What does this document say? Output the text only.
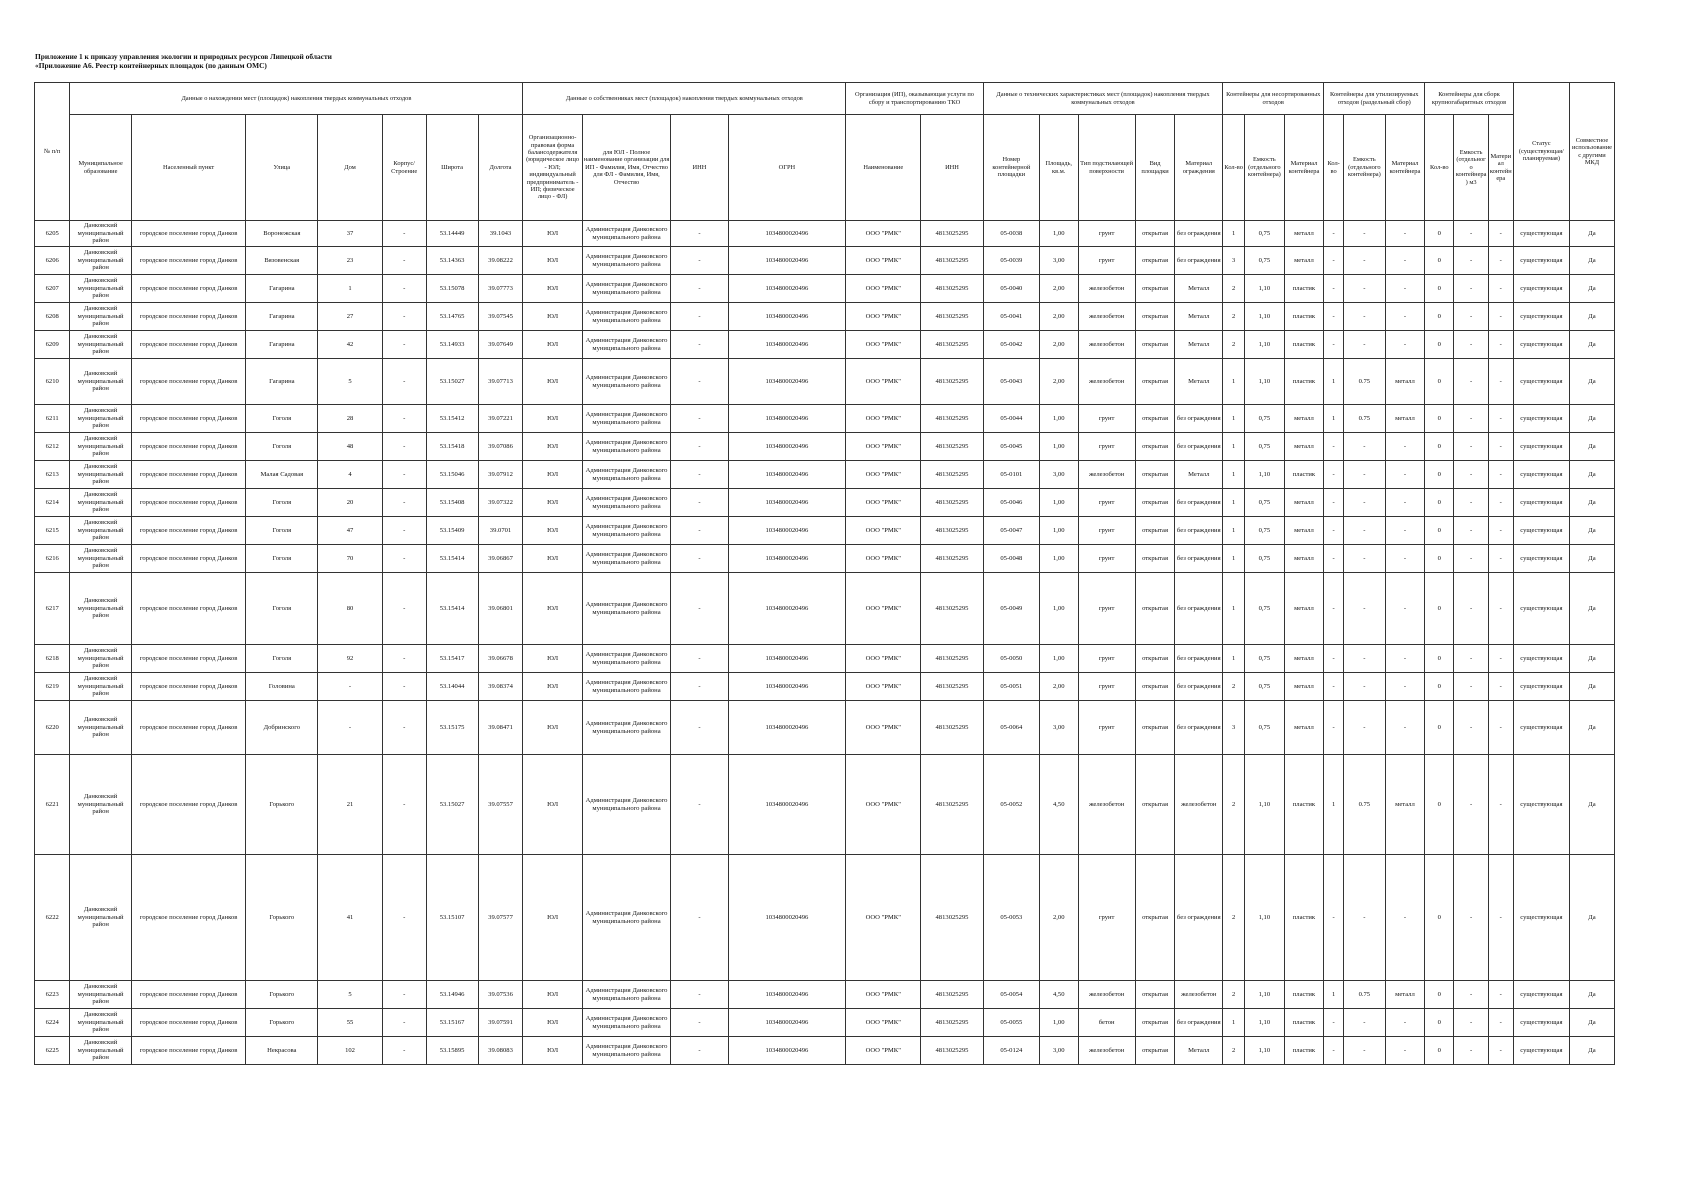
Приложение 1 к приказу управления экологии и природных ресурсов Липецкой области
«Приложение А6. Реестр контейнерных площадок (по данным ОМС)
№ п/п	Данные о нахождении мест (площадок) накопления твердых коммунальных отходов							Данные о собственниках мест (площадок) накопления твердых коммунальных отходов				Организация (ИП), оказывающая услуги по сбору и транспортированию ТКО		Данные о технических характеристиках мест (площадок) накопления твердых коммунальных отходов					Контейнеры для несортированных отходов			Контейнеры для утилизируемых отходов (раздельный сбор)			Контейнеры для сборк крупногабаритных отходов			Статус (существующая/ планируемая)	Совместное использование с другими МКД
	Муниципальное образование	Населенный пункт	Улица	Дом	Корпус/Строение	Широта	Долгота	Организационно-правовая форма балансодержателя (юридическое лицо - ЮЛ; индивидуальный предприниматель - ИП; физическое лицо - ФЛ)	для ЮЛ - Полное наименование организации для ИП - Фамилия, Имя, Отчество для ФЛ - Фамилия, Имя, Отчество	ИНН	ОГРН	Наименование	ИНН	Номер контейнерной площадки	Площадь, кв.м.	Тип подстилающей поверхности	Вид площадки	Материал ограждения	Кол-во	Емкость (отдельного контейнера)	Материал контейнера	Кол-во	Емкость (отдельного контейнера)	Материал контейнера	Кол-во	Емкость (отдельного контейнера) м3	Материал контейнера		
6205	Данковский муниципальный район	городское поселение город Данков	Воронежская	37	-	53.14449	39.1043	ЮЛ	Администрация Данковского муниципального района	-	1034800020496	ООО "РМК"	4813025295	05-0038	1,00	грунт	открытая	без ограждения	1	0,75	металл	-	-	-	0	-	-	существующая	Да
6206	Данковский муниципальный район	городское поселение город Данков	Вязовенская	23	-	53.14363	39.08222	ЮЛ	Администрация Данковского муниципального района	-	1034800020496	ООО "РМК"	4813025295	05-0039	3,00	грунт	открытая	без ограждения	3	0,75	металл	-	-	-	0	-	-	существующая	Да
6207	Данковский муниципальный район	городское поселение город Данков	Гагарина	1	-	53.15078	39.07773	ЮЛ	Администрация Данковского муниципального района	-	1034800020496	ООО "РМК"	4813025295	05-0040	2,00	железобетон	открытая	Металл	2	1,10	пластик	-	-	-	0	-	-	существующая	Да
6208	Данковский муниципальный район	городское поселение город Данков	Гагарина	27	-	53.14765	39.07545	ЮЛ	Администрация Данковского муниципального района	-	1034800020496	ООО "РМК"	4813025295	05-0041	2,00	железобетон	открытая	Металл	2	1,10	пластик	-	-	-	0	-	-	существующая	Да
6209	Данковский муниципальный район	городское поселение город Данков	Гагарина	42	-	53.14933	39.07649	ЮЛ	Администрация Данковского муниципального района	-	1034800020496	ООО "РМК"	4813025295	05-0042	2,00	железобетон	открытая	Металл	2	1,10	пластик	-	-	-	0	-	-	существующая	Да
6210	Данковский муниципальный район	городское поселение город Данков	Гагарина	5	-	53.15027	39.07713	ЮЛ	Администрация Данковского муниципального района	-	1034800020496	ООО "РМК"	4813025295	05-0043	2,00	железобетон	открытая	Металл	1	1,10	пластик	1	0.75	металл	0	-	-	существующая	Да
6211	Данковский муниципальный район	городское поселение город Данков	Гоголя	28	-	53.15412	39.07221	ЮЛ	Администрация Данковского муниципального района	-	1034800020496	ООО "РМК"	4813025295	05-0044	1,00	грунт	открытая	без ограждения	1	0,75	металл	1	0.75	металл	0	-	-	существующая	Да
6212	Данковский муниципальный район	городское поселение город Данков	Гоголя	48	-	53.15418	39.07086	ЮЛ	Администрация Данковского муниципального района	-	1034800020496	ООО "РМК"	4813025295	05-0045	1,00	грунт	открытая	без ограждения	1	0,75	металл	-	-	-	0	-	-	существующая	Да
6213	Данковский муниципальный район	городское поселение город Данков	Малая Садовая	4	-	53.15046	39.07912	ЮЛ	Администрация Данковского муниципального района	-	1034800020496	ООО "РМК"	4813025295	05-0101	3,00	железобетон	открытая	Металл	1	1,10	пластик	-	-	-	0	-	-	существующая	Да
6214	Данковский муниципальный район	городское поселение город Данков	Гоголя	20	-	53.15408	39.07322	ЮЛ	Администрация Данковского муниципального района	-	1034800020496	ООО "РМК"	4813025295	05-0046	1,00	грунт	открытая	без ограждения	1	0,75	металл	-	-	-	0	-	-	существующая	Да
6215	Данковский муниципальный район	городское поселение город Данков	Гоголя	47	-	53.15409	39.0701	ЮЛ	Администрация Данковского муниципального района	-	1034800020496	ООО "РМК"	4813025295	05-0047	1,00	грунт	открытая	без ограждения	1	0,75	металл	-	-	-	0	-	-	существующая	Да
6216	Данковский муниципальный район	городское поселение город Данков	Гоголя	70	-	53.15414	39.06867	ЮЛ	Администрация Данковского муниципального района	-	1034800020496	ООО "РМК"	4813025295	05-0048	1,00	грунт	открытая	без ограждения	1	0,75	металл	-	-	-	0	-	-	существующая	Да
6217	Данковский муниципальный район	городское поселение город Данков	Гоголя	80	-	53.15414	39.06801	ЮЛ	Администрация Данковского муниципального района	-	1034800020496	ООО "РМК"	4813025295	05-0049	1,00	грунт	открытая	без ограждения	1	0,75	металл	-	-	-	0	-	-	существующая	Да
6218	Данковский муниципальный район	городское поселение город Данков	Гоголя	92	-	53.15417	39.06678	ЮЛ	Администрация Данковского муниципального района	-	1034800020496	ООО "РМК"	4813025295	05-0050	1,00	грунт	открытая	без ограждения	1	0,75	металл	-	-	-	0	-	-	существующая	Да
6219	Данковский муниципальный район	городское поселение город Данков	Головина	-	-	53.14044	39.08374	ЮЛ	Администрация Данковского муниципального района	-	1034800020496	ООО "РМК"	4813025295	05-0051	2,00	грунт	открытая	без ограждения	2	0,75	металл	-	-	-	0	-	-	существующая	Да
6220	Данковский муниципальный район	городское поселение город Данков	Добринского	-	-	53.15175	39.08471	ЮЛ	Администрация Данковского муниципального района	-	1034800020496	ООО "РМК"	4813025295	05-0064	3,00	грунт	открытая	без ограждения	3	0,75	металл	-	-	-	0	-	-	существующая	Да
6221	Данковский муниципальный район	городское поселение город Данков	Горького	21	-	53.15027	39.07557	ЮЛ	Администрация Данковского муниципального района	-	1034800020496	ООО "РМК"	4813025295	05-0052	4,50	железобетон	открытая	железобетон	2	1,10	пластик	1	0.75	металл	0	-	-	существующая	Да
6222	Данковский муниципальный район	городское поселение город Данков	Горького	41	-	53.15107	39.07577	ЮЛ	Администрация Данковского муниципального района	-	1034800020496	ООО "РМК"	4813025295	05-0053	2,00	грунт	открытая	без ограждения	2	1,10	пластик	-	-	-	0	-	-	существующая	Да
6223	Данковский муниципальный район	городское поселение город Данков	Горького	5	-	53.14946	39.07536	ЮЛ	Администрация Данковского муниципального района	-	1034800020496	ООО "РМК"	4813025295	05-0054	4,50	железобетон	открытая	железобетон	2	1,10	пластик	1	0.75	металл	0	-	-	существующая	Да
6224	Данковский муниципальный район	городское поселение город Данков	Горького	55	-	53.15167	39.07591	ЮЛ	Администрация Данковского муниципального района	-	1034800020496	ООО "РМК"	4813025295	05-0055	1,00	бетон	открытая	без ограждения	1	1,10	пластик	-	-	-	0	-	-	существующая	Да
6225	Данковский муниципальный район	городское поселение город Данков	Некрасова	102	-	53.15895	39.08083	ЮЛ	Администрация Данковского муниципального района	-	1034800020496	ООО "РМК"	4813025295	05-0124	3,00	железобетон	открытая	Металл	2	1,10	пластик	-	-	-	0	-	-	существующая	Да
